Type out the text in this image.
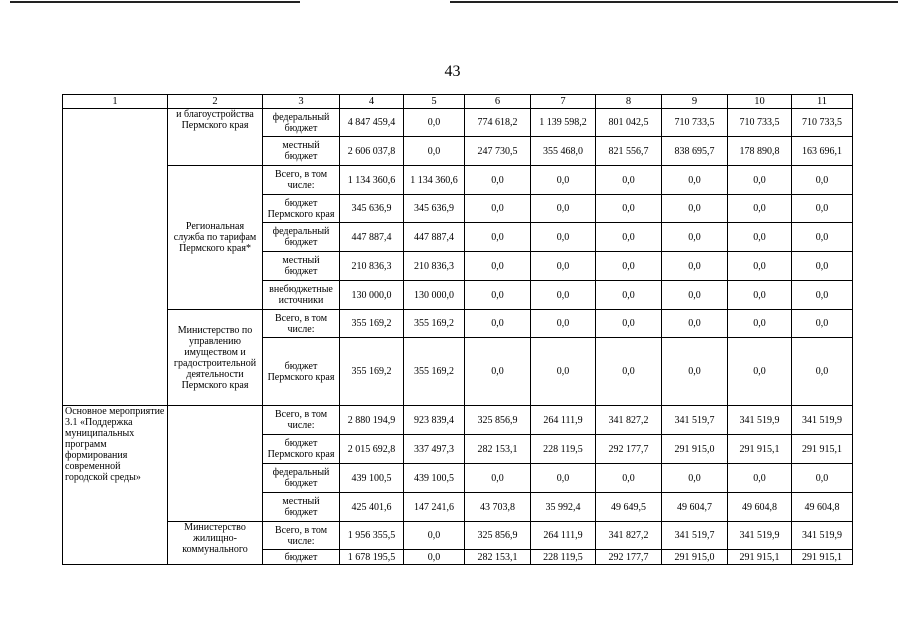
43
1	2	3	4	5	6	7	8	9	10	11
	и благоустройства Пермского края	федеральный бюджет	4 847 459,4	0,0	774 618,2	1 139 598,2	801 042,5	710 733,5	710 733,5	710 733,5
		местный бюджет	2 606 037,8	0,0	247 730,5	355 468,0	821 556,7	838 695,7	178 890,8	163 696,1
	Региональная служба по тарифам Пермского края*	Всего, в том числе:	1 134 360,6	1 134 360,6	0,0	0,0	0,0	0,0	0,0	0,0
		бюджет Пермского края	345 636,9	345 636,9	0,0	0,0	0,0	0,0	0,0	0,0
		федеральный бюджет	447 887,4	447 887,4	0,0	0,0	0,0	0,0	0,0	0,0
		местный бюджет	210 836,3	210 836,3	0,0	0,0	0,0	0,0	0,0	0,0
		внебюджетные источники	130 000,0	130 000,0	0,0	0,0	0,0	0,0	0,0	0,0
	Министерство по управлению имуществом и градостроительной деятельности Пермского края	Всего, в том числе:	355 169,2	355 169,2	0,0	0,0	0,0	0,0	0,0	0,0
		бюджет Пермского края	355 169,2	355 169,2	0,0	0,0	0,0	0,0	0,0	0,0
Основное мероприятие 3.1 «Поддержка муниципальных программ формирования современной городской среды»		Всего, в том числе:	2 880 194,9	923 839,4	325 856,9	264 111,9	341 827,2	341 519,7	341 519,9	341 519,9
		бюджет Пермского края	2 015 692,8	337 497,3	282 153,1	228 119,5	292 177,7	291 915,0	291 915,1	291 915,1
		федеральный бюджет	439 100,5	439 100,5	0,0	0,0	0,0	0,0	0,0	0,0
		местный бюджет	425 401,6	147 241,6	43 703,8	35 992,4	49 649,5	49 604,7	49 604,8	49 604,8
	Министерство жилищно-коммунального	Всего, в том числе:	1 956 355,5	0,0	325 856,9	264 111,9	341 827,2	341 519,7	341 519,9	341 519,9
		бюджет	1 678 195,5	0,0	282 153,1	228 119,5	292 177,7	291 915,0	291 915,1	291 915,1
